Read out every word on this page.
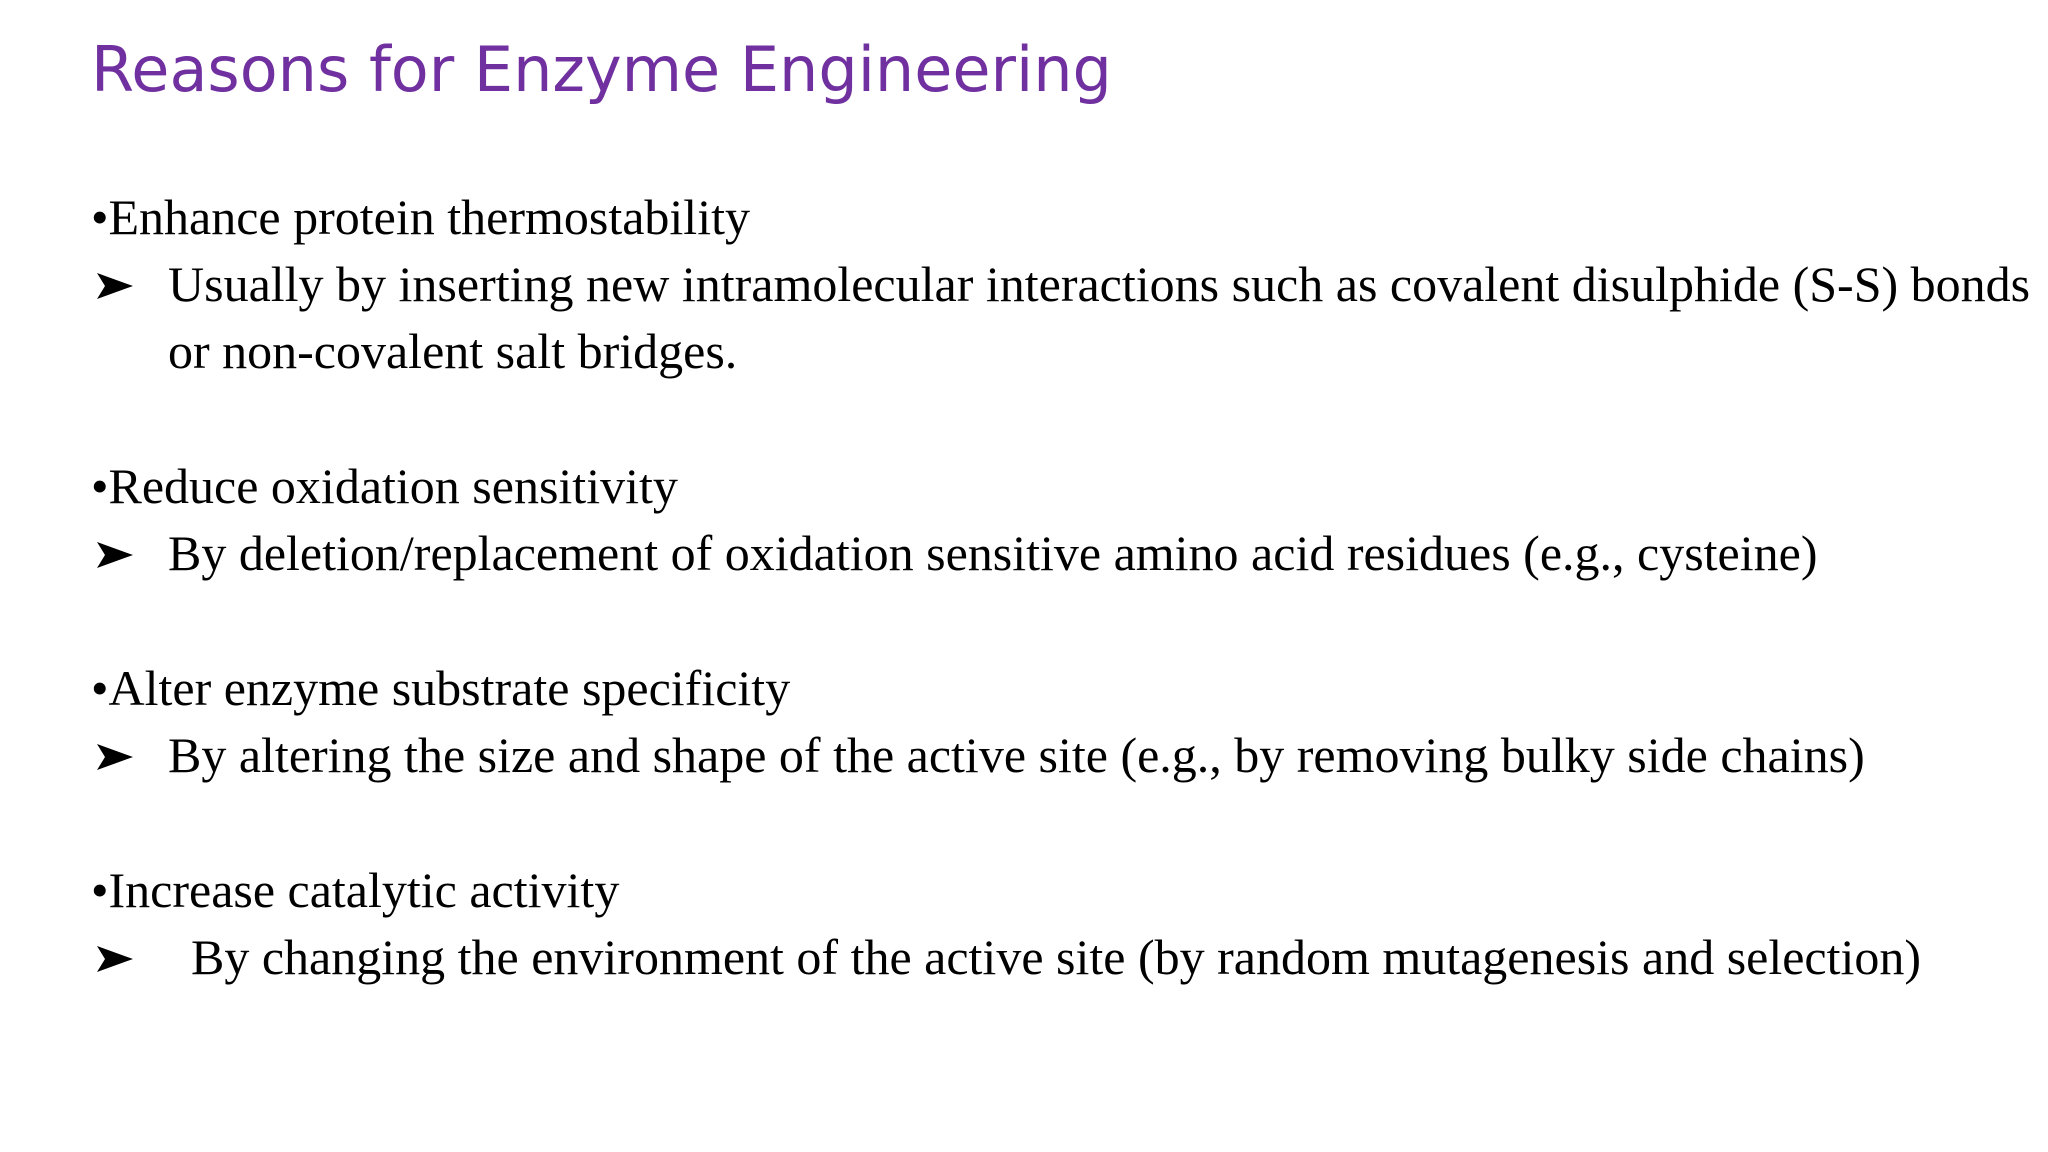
Reasons for Enzyme Engineering
•Enhance protein thermostability
Usually by inserting new intramolecular interactions such as covalent disulphide (S-S) bonds or non-covalent salt bridges.
•Reduce oxidation sensitivity
By deletion/replacement of oxidation sensitive amino acid residues (e.g., cysteine)
•Alter enzyme substrate specificity
By altering the size and shape of the active site (e.g., by removing bulky side chains)
•Increase catalytic activity
By changing the environment of the active site (by random mutagenesis and selection)
